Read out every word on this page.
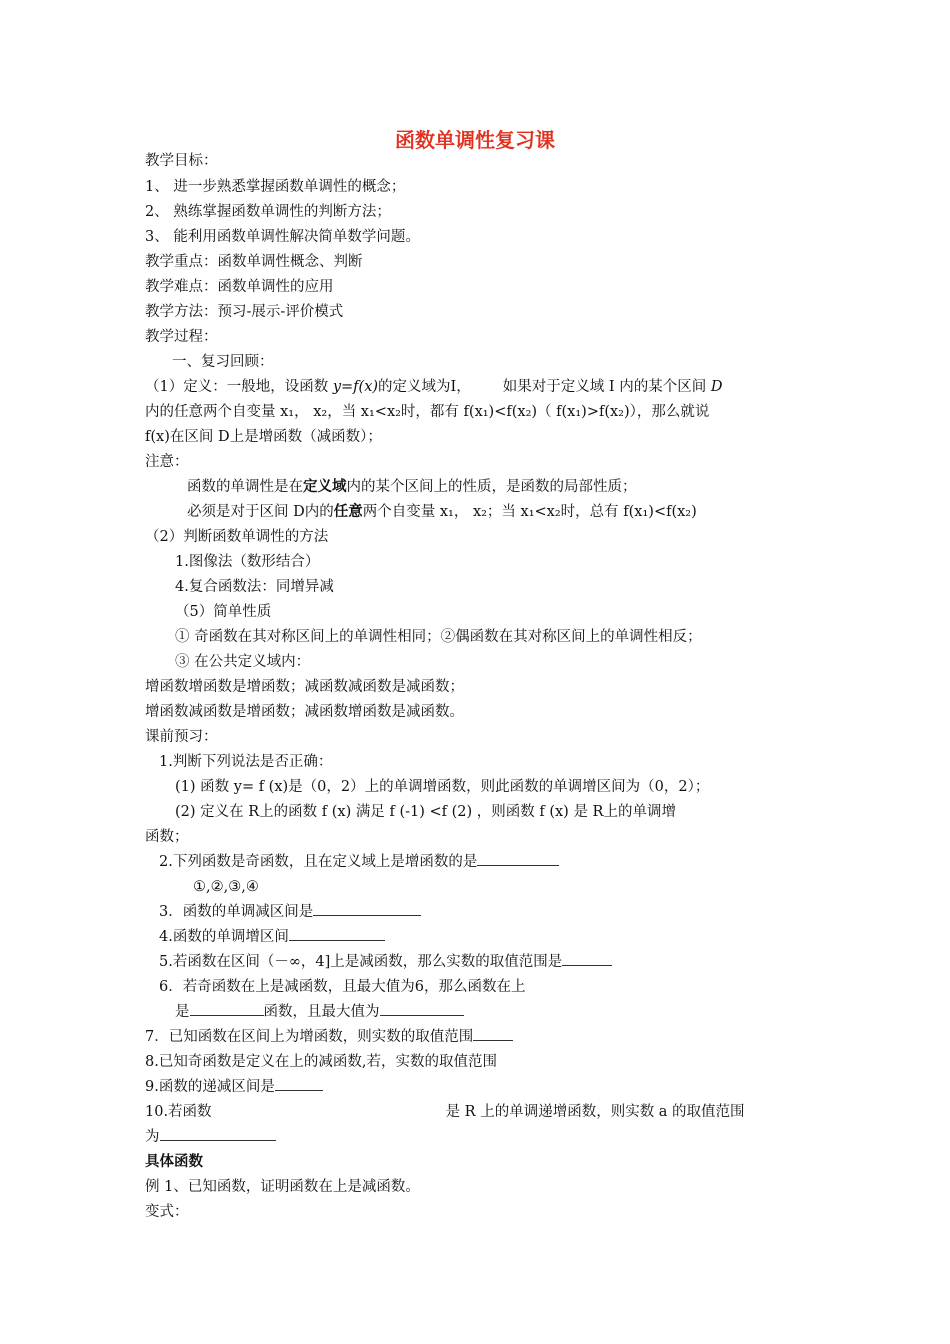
函数单调性复习课
教学目标：
1、 进一步熟悉掌握函数单调性的概念；
2、 熟练掌握函数单调性的判断方法；
3、 能利用函数单调性解决简单数学问题。
教学重点：函数单调性概念、判断
教学难点：函数单调性的应用
教学方法：预习-展示-评价模式
教学过程：
一、复习回顾：
（1）定义：一般地，设函数 y=f(x)的定义域为I， 如果对于定义域 I 内的某个区间 D
内的任意两个自变量 x₁， x₂，当 x₁<x₂时，都有 f(x₁)<f(x₂)（ f(x₁)>f(x₂)），那么就说
f(x)在区间 D上是增函数（减函数）；
注意：
函数的单调性是在定义域内的某个区间上的性质，是函数的局部性质；
必须是对于区间 D内的任意两个自变量 x₁， x₂；当 x₁<x₂时，总有 f(x₁)<f(x₂)
（2）判断函数单调性的方法
1.图像法（数形结合）
4.复合函数法：同增异减
（5）简单性质
① 奇函数在其对称区间上的单调性相同；②偶函数在其对称区间上的单调性相反；
③ 在公共定义域内：
增函数增函数是增函数；减函数减函数是减函数；
增函数减函数是增函数；减函数增函数是减函数。
课前预习：
1.判断下列说法是否正确：
(1) 函数 y= f (x)是（0，2）上的单调增函数，则此函数的单调增区间为（0，2）；
(2) 定义在 R上的函数 f (x) 满足 f (-1) <f (2) ，则函数 f (x) 是 R上的单调增
函数；
2.下列函数是奇函数，且在定义域上是增函数的是
①,②,③,④
3．函数的单调减区间是
4.函数的单调增区间
5.若函数在区间（－∞，4]上是减函数，那么实数的取值范围是
6．若奇函数在上是减函数，且最大值为6，那么函数在上
是	函数，且最大值为
7．已知函数在区间上为增函数，则实数的取值范围
8.已知奇函数是定义在上的减函数,若，实数的取值范围
9.函数的递减区间是
10.若函数	是 R 上的单调递增函数，则实数 a 的取值范围
为
具体函数
例 1、已知函数，证明函数在上是减函数。
变式：
